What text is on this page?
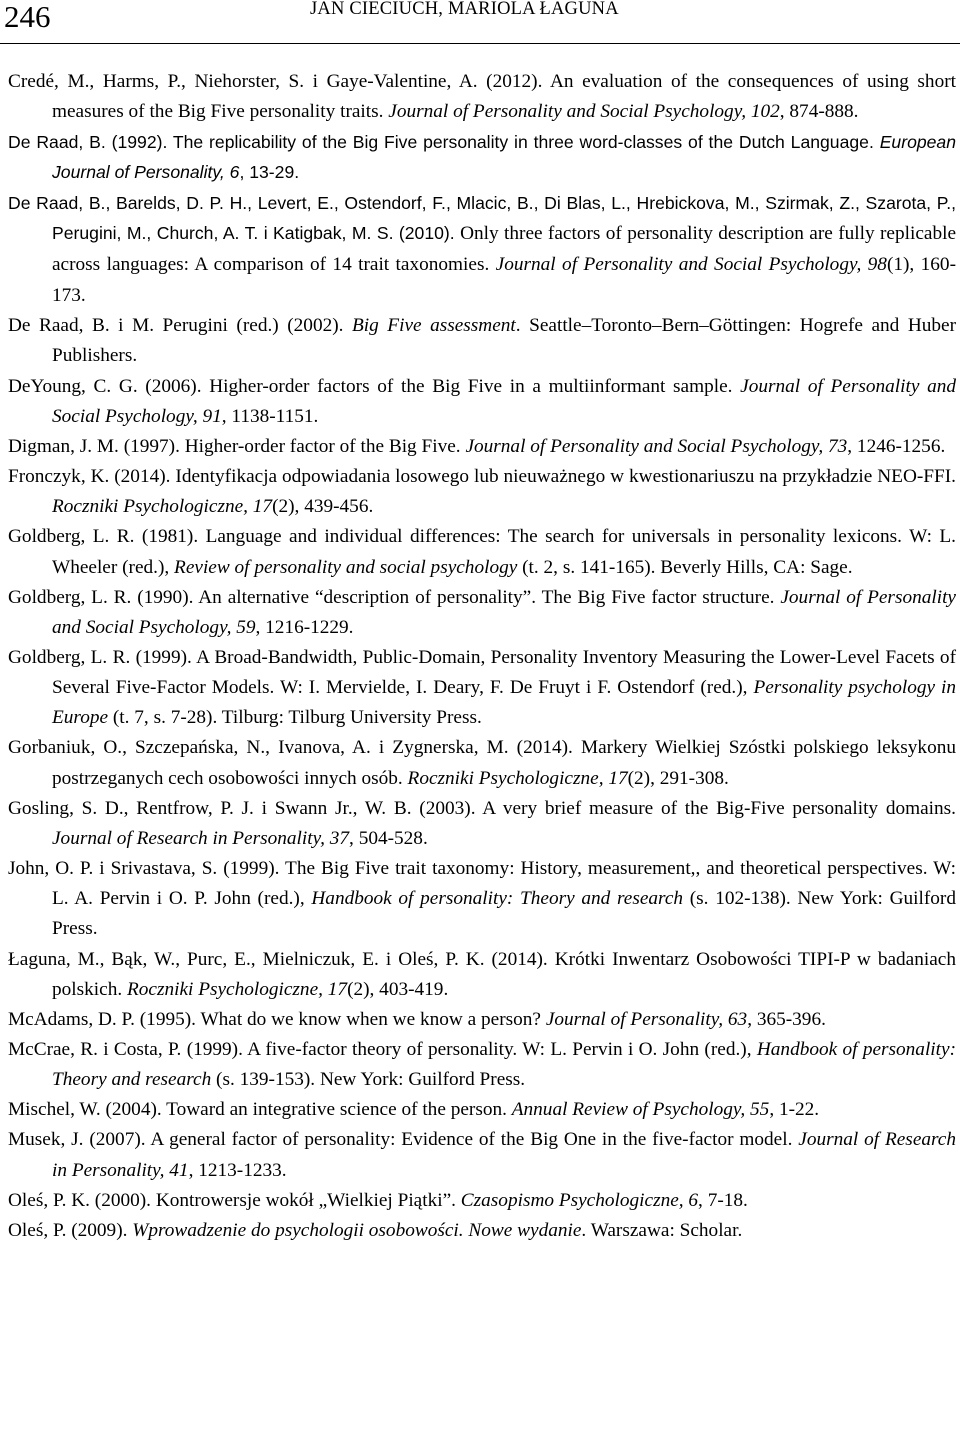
246	JAN CIECIUCH, MARIOLA ŁAGUNA
Credé, M., Harms, P., Niehorster, S. i Gaye-Valentine, A. (2012). An evaluation of the consequences of using short measures of the Big Five personality traits. Journal of Personality and Social Psychology, 102, 874-888.
De Raad, B. (1992). The replicability of the Big Five personality in three word-classes of the Dutch Language. European Journal of Personality, 6, 13-29.
De Raad, B., Barelds, D. P. H., Levert, E., Ostendorf, F., Mlacic, B., Di Blas, L., Hrebickova, M., Szirmak, Z., Szarota, P., Perugini, M., Church, A. T. i Katigbak, M. S. (2010). Only three factors of personality description are fully replicable across languages: A comparison of 14 trait taxonomies. Journal of Personality and Social Psychology, 98(1), 160-173.
De Raad, B. i M. Perugini (red.) (2002). Big Five assessment. Seattle–Toronto–Bern–Göttingen: Hogrefe and Huber Publishers.
DeYoung, C. G. (2006). Higher-order factors of the Big Five in a multiinformant sample. Journal of Personality and Social Psychology, 91, 1138-1151.
Digman, J. M. (1997). Higher-order factor of the Big Five. Journal of Personality and Social Psychology, 73, 1246-1256.
Fronczyk, K. (2014). Identyfikacja odpowiadania losowego lub nieuważnego w kwestionariuszu na przykładzie NEO-FFI. Roczniki Psychologiczne, 17(2), 439-456.
Goldberg, L. R. (1981). Language and individual differences: The search for universals in personality lexicons. W: L. Wheeler (red.), Review of personality and social psychology (t. 2, s. 141-165). Beverly Hills, CA: Sage.
Goldberg, L. R. (1990). An alternative “description of personality”. The Big Five factor structure. Journal of Personality and Social Psychology, 59, 1216-1229.
Goldberg, L. R. (1999). A Broad-Bandwidth, Public-Domain, Personality Inventory Measuring the Lower-Level Facets of Several Five-Factor Models. W: I. Mervielde, I. Deary, F. De Fruyt i F. Ostendorf (red.), Personality psychology in Europe (t. 7, s. 7-28). Tilburg: Tilburg University Press.
Gorbaniuk, O., Szczepańska, N., Ivanova, A. i Zygnerska, M. (2014). Markery Wielkiej Szóstki polskiego leksykonu postrzeganych cech osobowości innych osób. Roczniki Psychologiczne, 17(2), 291-308.
Gosling, S. D., Rentfrow, P. J. i Swann Jr., W. B. (2003). A very brief measure of the Big-Five personality domains. Journal of Research in Personality, 37, 504-528.
John, O. P. i Srivastava, S. (1999). The Big Five trait taxonomy: History, measurement,, and theoretical perspectives. W: L. A. Pervin i O. P. John (red.), Handbook of personality: Theory and research (s. 102-138). New York: Guilford Press.
Łaguna, M., Bąk, W., Purc, E., Mielniczuk, E. i Oleś, P. K. (2014). Krótki Inwentarz Osobowości TIPI-P w badaniach polskich. Roczniki Psychologiczne, 17(2), 403-419.
McAdams, D. P. (1995). What do we know when we know a person? Journal of Personality, 63, 365-396.
McCrae, R. i Costa, P. (1999). A five-factor theory of personality. W: L. Pervin i O. John (red.), Handbook of personality: Theory and research (s. 139-153). New York: Guilford Press.
Mischel, W. (2004). Toward an integrative science of the person. Annual Review of Psychology, 55, 1-22.
Musek, J. (2007). A general factor of personality: Evidence of the Big One in the five-factor model. Journal of Research in Personality, 41, 1213-1233.
Oleś, P. K. (2000). Kontrowersje wokół „Wielkiej Piątki”. Czasopismo Psychologiczne, 6, 7-18.
Oleś, P. (2009). Wprowadzenie do psychologii osobowości. Nowe wydanie. Warszawa: Scholar.
